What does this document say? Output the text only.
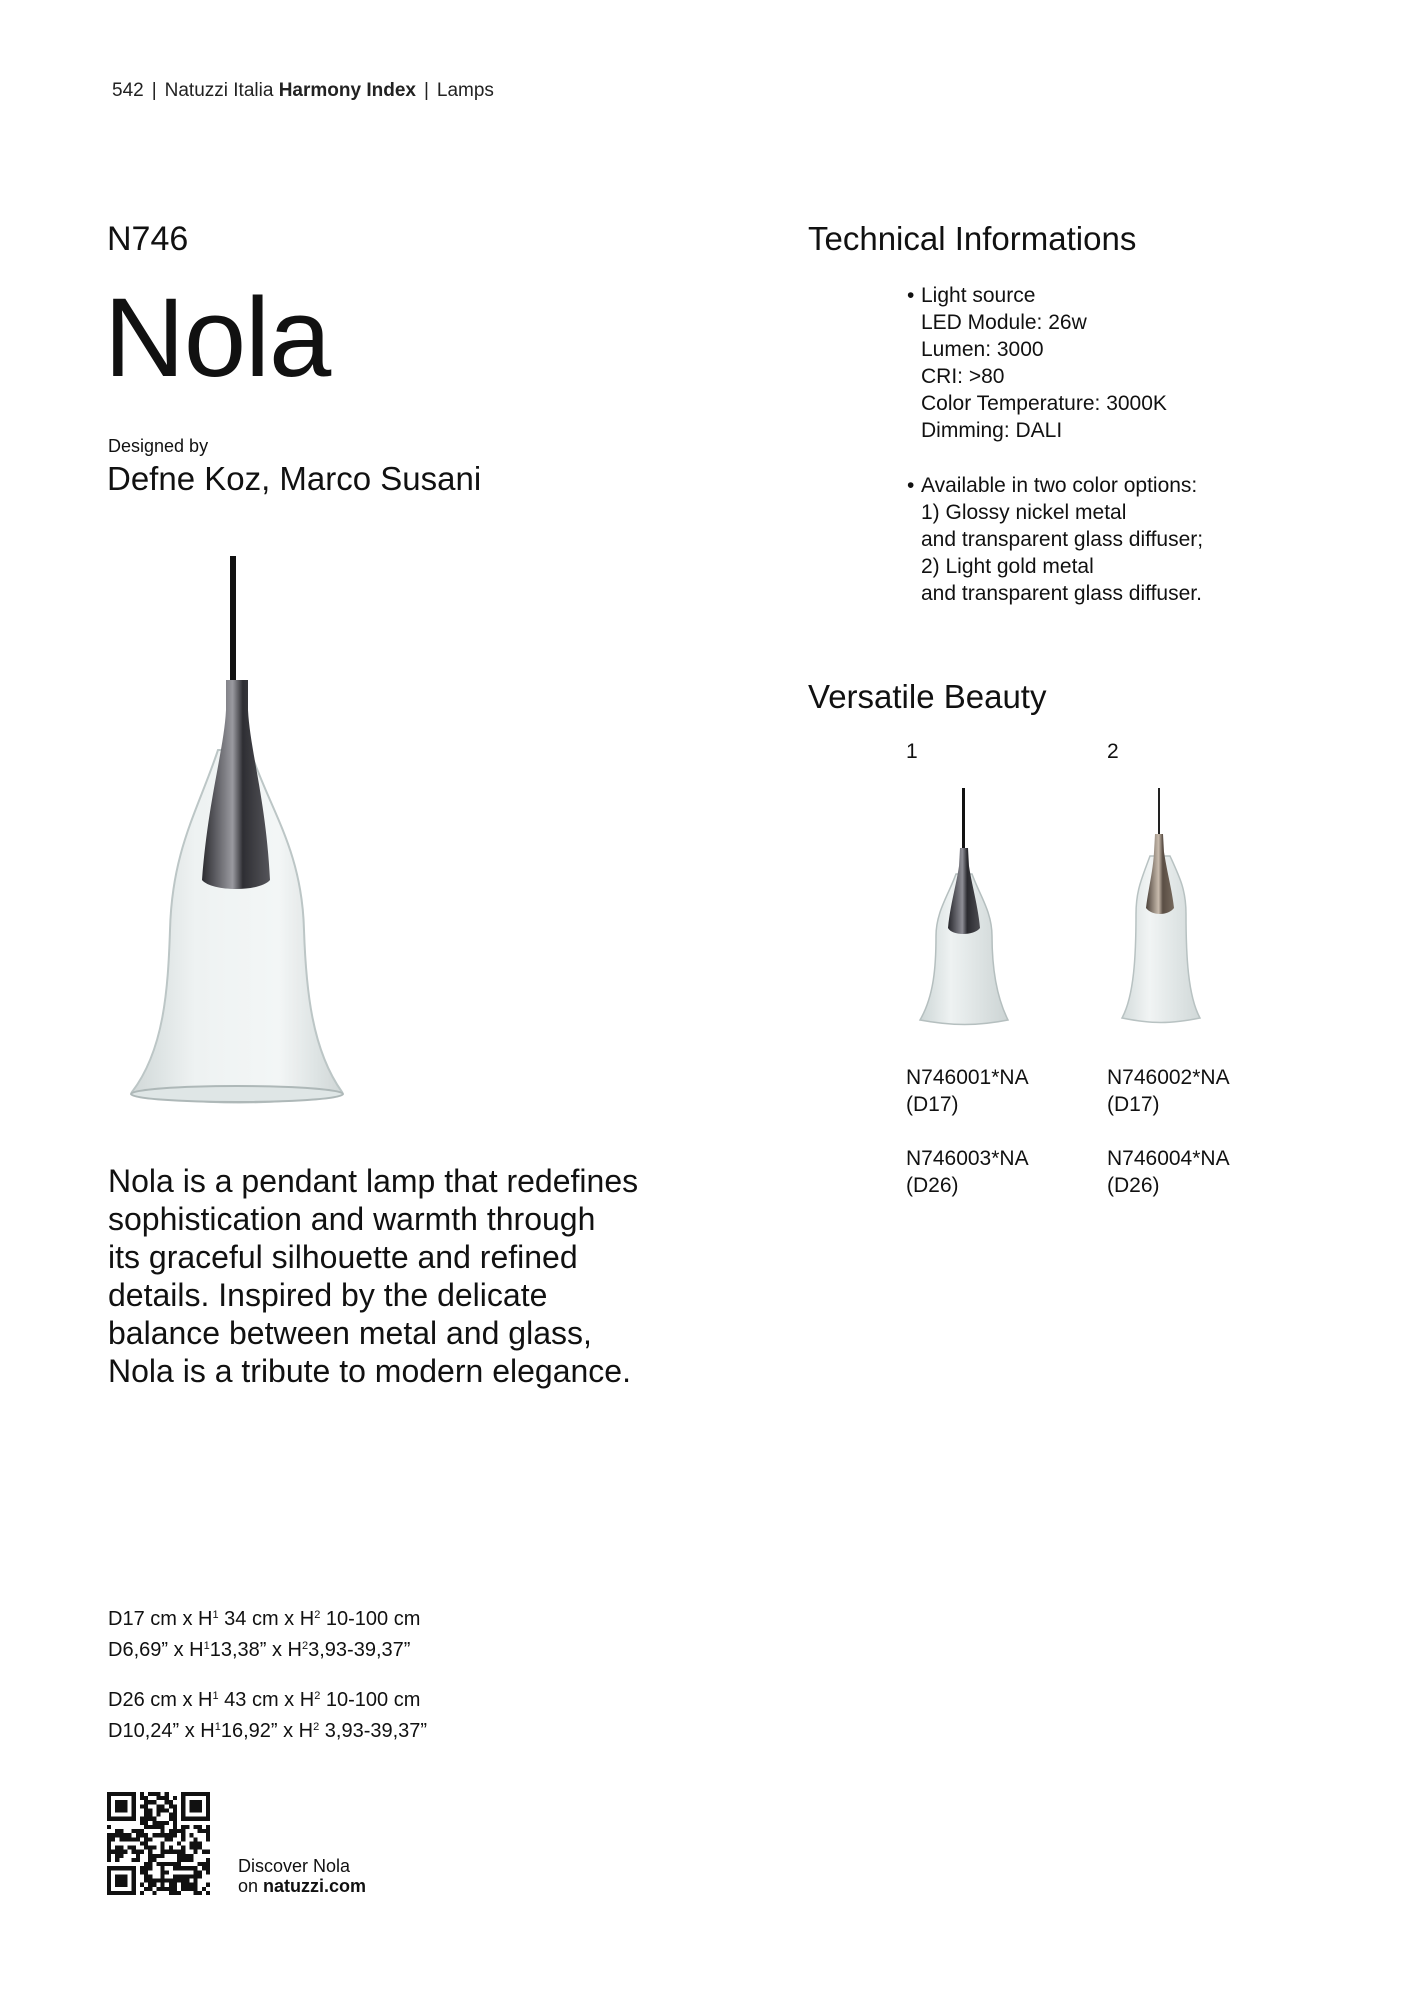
542 | Natuzzi Italia Harmony Index | Lamps
N746
Nola
Designed by
Defne Koz, Marco Susani
Technical Informations
• Light source
LED Module: 26w
Lumen: 3000
CRI: >80
Color Temperature: 3000K
Dimming: DALI
• Available in two color options:
1) Glossy nickel metal
and transparent glass diffuser;
2) Light gold metal
and transparent glass diffuser.
Versatile Beauty
1	2
N746001*NA
(D17)
N746002*NA
(D17)
N746003*NA
(D26)
N746004*NA
(D26)
Nola is a pendant lamp that redefines
sophistication and warmth through
its graceful silhouette and refined
details. Inspired by the delicate
balance between metal and glass,
Nola is a tribute to modern elegance.
D17 cm x $H^1$ 34 cm x $H^2$ 10-100 cm
D6,69” x $H^113,38$” x $H^23,93-39,37$”
D26 cm x $H^1$ 43 cm x $H^2$ 10-100 cm
D10,24” x $H^116,92$” x $H^2$ 3,93-39,37”
Discover Nola
on natuzzi.com
